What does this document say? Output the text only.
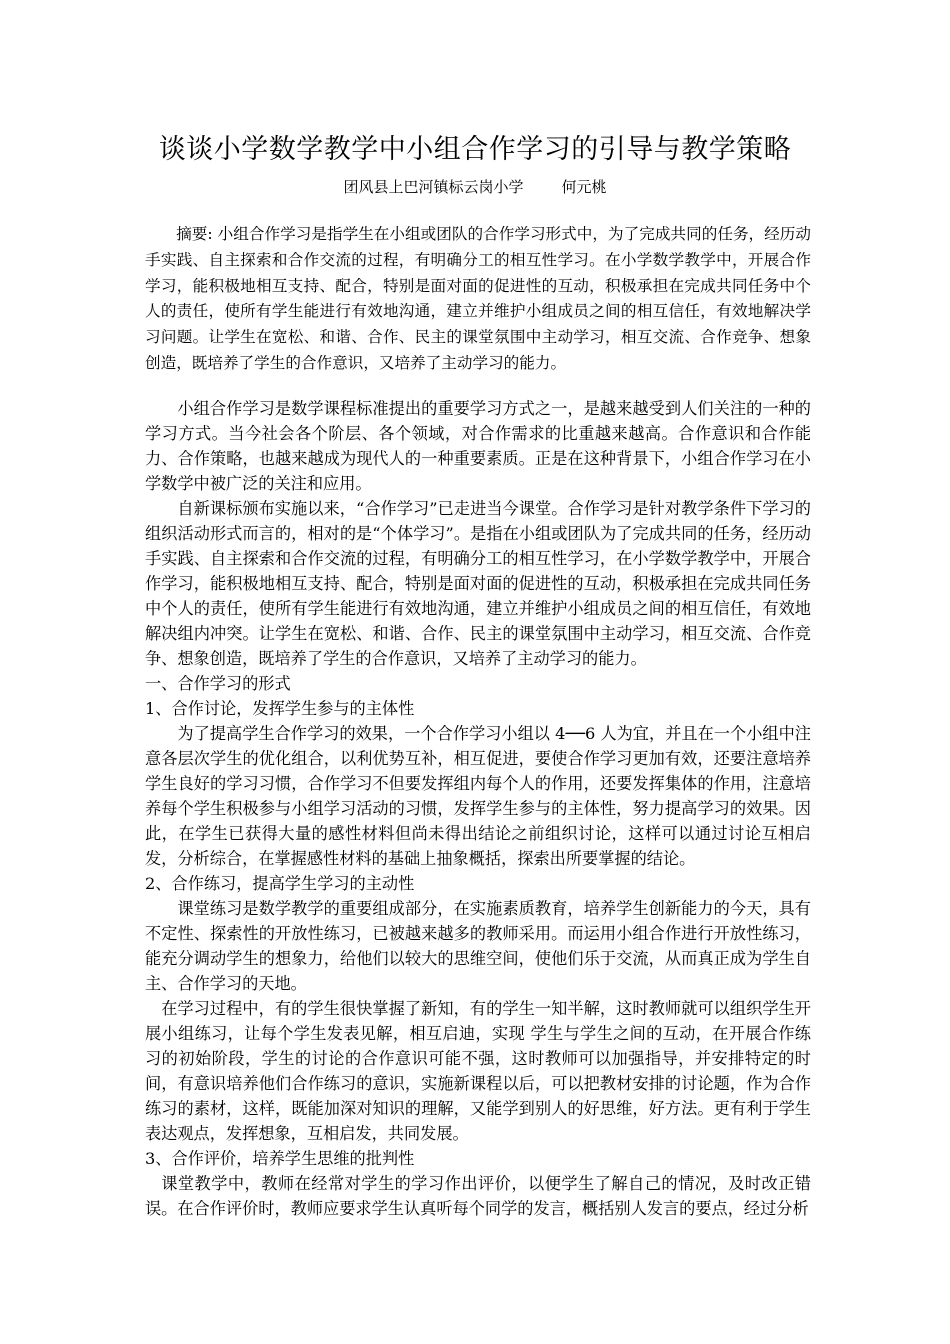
谈谈小学数学教学中小组合作学习的引导与教学策略
团风县上巴河镇标云岗小学	何元桃

摘要: 小组合作学习是指学生在小组或团队的合作学习形式中，为了完成共同的任务，经历动手实践、自主探索和合作交流的过程，有明确分工的相互性学习。在小学数学教学中，开展合作学习，能积极地相互支持、配合，特别是面对面的促进性的互动，积极承担在完成共同任务中个人的责任，使所有学生能进行有效地沟通，建立并维护小组成员之间的相互信任，有效地解决学习问题。让学生在宽松、和谐、合作、民主的课堂氛围中主动学习，相互交流、合作竞争、想象创造，既培养了学生的合作意识，又培养了主动学习的能力。

小组合作学习是数学课程标准提出的重要学习方式之一，是越来越受到人们关注的一种的学习方式。当今社会各个阶层、各个领域，对合作需求的比重越来越高。合作意识和合作能力、合作策略，也越来越成为现代人的一种重要素质。正是在这种背景下，小组合作学习在小学数学中被广泛的关注和应用。

自新课标颁布实施以来，“合作学习”已走进当今课堂。合作学习是针对教学条件下学习的组织活动形式而言的，相对的是“个体学习”。是指在小组或团队为了完成共同的任务，经历动手实践、自主探索和合作交流的过程，有明确分工的相互性学习，在小学数学教学中，开展合作学习，能积极地相互支持、配合，特别是面对面的促进性的互动，积极承担在完成共同任务中个人的责任，使所有学生能进行有效地沟通，建立并维护小组成员之间的相互信任，有效地解决组内冲突。让学生在宽松、和谐、合作、民主的课堂氛围中主动学习，相互交流、合作竞争、想象创造，既培养了学生的合作意识，又培养了主动学习的能力。

一、合作学习的形式

1、合作讨论，发挥学生参与的主体性

为了提高学生合作学习的效果，一个合作学习小组以 4──6 人为宜，并且在一个小组中注意各层次学生的优化组合，以利优势互补，相互促进，要使合作学习更加有效，还要注意培养学生良好的学习习惯，合作学习不但要发挥组内每个人的作用，还要发挥集体的作用，注意培养每个学生积极参与小组学习活动的习惯，发挥学生参与的主体性，努力提高学习的效果。因此，在学生已获得大量的感性材料但尚未得出结论之前组织讨论，这样可以通过讨论互相启发，分析综合，在掌握感性材料的基础上抽象概括，探索出所要掌握的结论。

2、合作练习，提高学生学习的主动性

课堂练习是数学教学的重要组成部分，在实施素质教育，培养学生创新能力的今天，具有不定性、探索性的开放性练习，已被越来越多的教师采用。而运用小组合作进行开放性练习，能充分调动学生的想象力，给他们以较大的思维空间，使他们乐于交流，从而真正成为学生自主、合作学习的天地。

在学习过程中，有的学生很快掌握了新知，有的学生一知半解，这时教师就可以组织学生开展小组练习，让每个学生发表见解，相互启迪，实现 学生与学生之间的互动，在开展合作练习的初始阶段，学生的讨论的合作意识可能不强，这时教师可以加强指导，并安排特定的时间，有意识培养他们合作练习的意识，实施新课程以后，可以把教材安排的讨论题，作为合作练习的素材，这样，既能加深对知识的理解，又能学到别人的好思维，好方法。更有利于学生表达观点，发挥想象，互相启发，共同发展。

3、合作评价，培养学生思维的批判性

课堂教学中，教师在经常对学生的学习作出评价，以便学生了解自己的情况，及时改正错误。在合作评价时，教师应要求学生认真听每个同学的发言，概括别人发言的要点，经过分析
